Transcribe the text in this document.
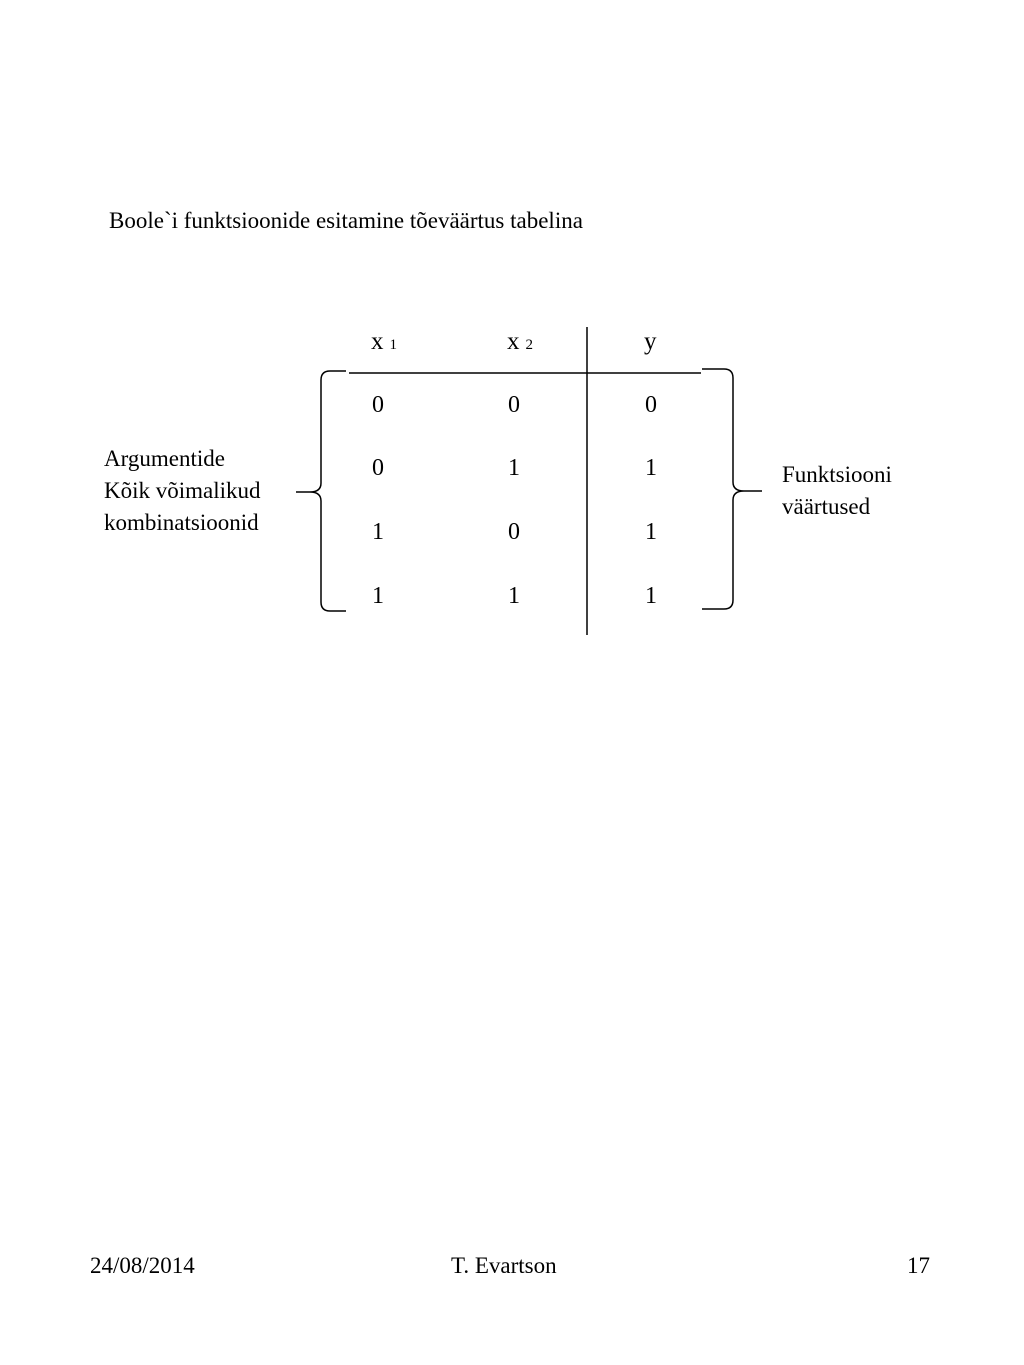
Boole`i funktsioonide esitamine tõeväärtus tabelina
x 1	x 2	y
0	0	0
0	1	1
1	0	1
1	1	1
Argumentide
Kõik võimalikud
kombinatsioonid
Funktsiooni
väärtused
24/08/2014	T. Evartson	17
